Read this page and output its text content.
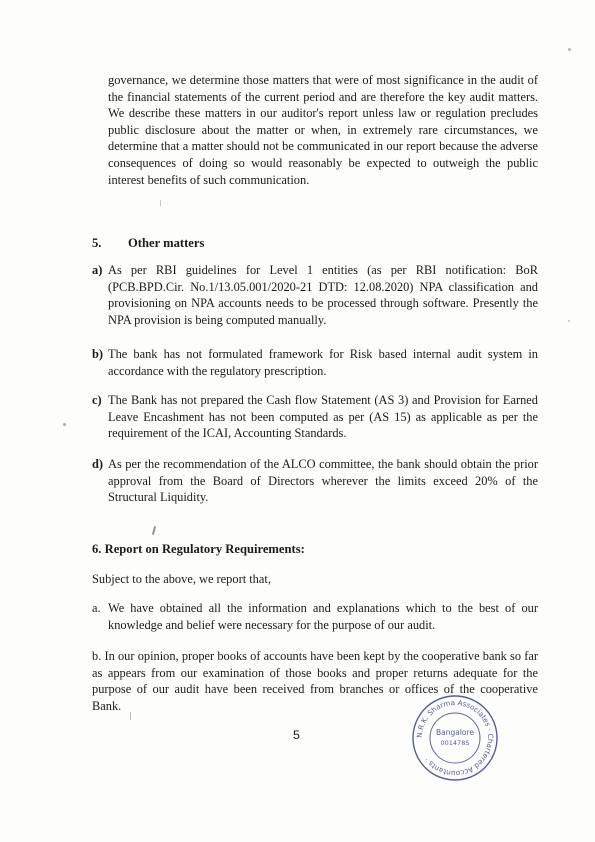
governance, we determine those matters that were of most significance in the audit of the financial statements of the current period and are therefore the key audit matters. We describe these matters in our auditor's report unless law or regulation precludes public disclosure about the matter or when, in extremely rare circumstances, we determine that a matter should not be communicated in our report because the adverse consequences of doing so would reasonably be expected to outweigh the public interest benefits of such communication.

5. Other matters
a) As per RBI guidelines for Level 1 entities (as per RBI notification: BoR (PCB.BPD.Cir. No.1/13.05.001/2020-21 DTD: 12.08.2020) NPA classification and provisioning on NPA accounts needs to be processed through software. Presently the NPA provision is being computed manually.
b) The bank has not formulated framework for Risk based internal audit system in accordance with the regulatory prescription.
c) The Bank has not prepared the Cash flow Statement (AS 3) and Provision for Earned Leave Encashment has not been computed as per (AS 15) as applicable as per the requirement of the ICAI, Accounting Standards.
d) As per the recommendation of the ALCO committee, the bank should obtain the prior approval from the Board of Directors wherever the limits exceed 20% of the Structural Liquidity.
6. Report on Regulatory Requirements:
Subject to the above, we report that,
a. We have obtained all the information and explanations which to the best of our knowledge and belief were necessary for the purpose of our audit.

b. In our opinion, proper books of accounts have been kept by the cooperative bank so far as appears from our examination of those books and proper returns adequate for the purpose of our audit have been received from branches or offices of the cooperative Bank.

5	N.R.K. Sharma Associates · Chartered Accountants ·
Bangalore
001478S
